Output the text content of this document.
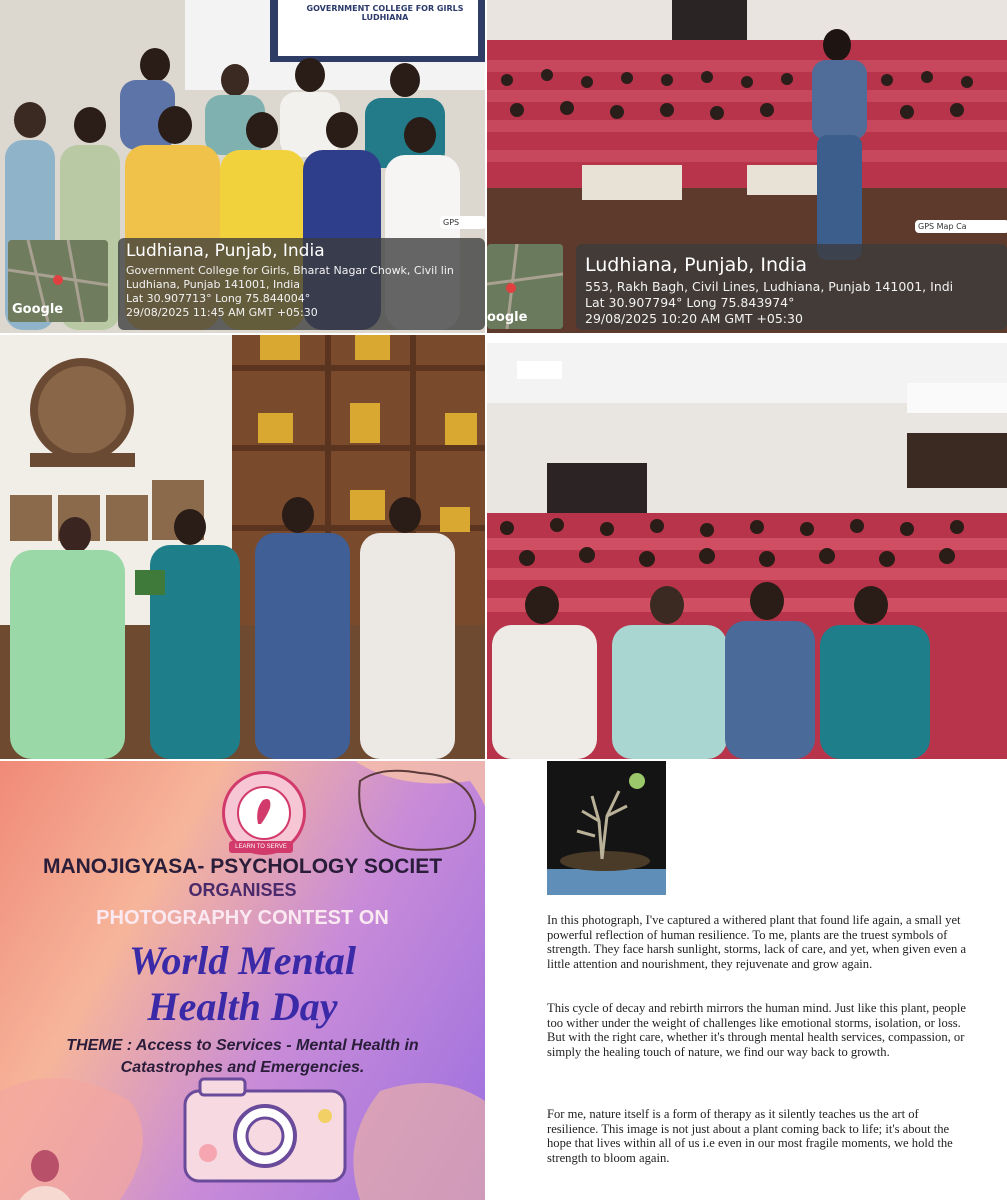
GOVERNMENT COLLEGE FOR GIRLS
LUDHIANA
GPS
Google
Ludhiana, Punjab, India
Government College for Girls, Bharat Nagar Chowk, Civil lin
Ludhiana, Punjab 141001, India
Lat 30.907713° Long 75.844004°
29/08/2025 11:45 AM GMT +05:30
GPS Map Ca
oogle
Ludhiana, Punjab, India
553, Rakh Bagh, Civil Lines, Ludhiana, Punjab 141001, Indi
Lat 30.907794° Long 75.843974°
29/08/2025 10:20 AM GMT +05:30
LEARN TO SERVE
MANOJIGYASA- PSYCHOLOGY SOCIET
ORGANISES
PHOTOGRAPHY CONTEST ON
World Mental
Health Day
THEME : Access to Services - Mental Health in
Catastrophes and Emergencies.

In this photograph, I've captured a withered plant that found life again, a small yet powerful reflection of human resilience. To me, plants are the truest symbols of strength. They face harsh sunlight, storms, lack of care, and yet, when given even a little attention and nourishment, they rejuvenate and grow again.

This cycle of decay and rebirth mirrors the human mind. Just like this plant, people too wither under the weight of challenges like emotional storms, isolation, or loss. But with the right care, whether it's through mental health services, compassion, or simply the healing touch of nature, we find our way back to growth.

For me, nature itself is a form of therapy as it silently teaches us the art of resilience. This image is not just about a plant coming back to life; it's about the hope that lives within all of us i.e even in our most fragile moments, we hold the strength to bloom again.
